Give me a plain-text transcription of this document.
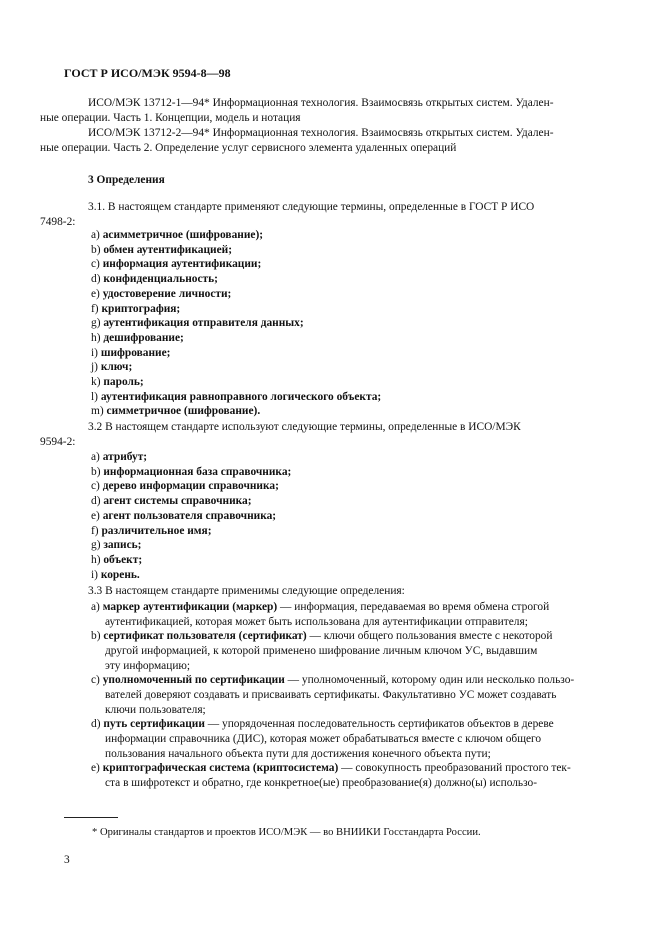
ГОСТ Р ИСО/МЭК 9594-8—98
ИСО/МЭК 13712-1—94* Информационная технология. Взаимосвязь открытых систем. Удален-
ные операции. Часть 1. Концепции, модель и нотация
ИСО/МЭК 13712-2—94* Информационная технология. Взаимосвязь открытых систем. Удален-
ные операции. Часть 2. Определение услуг сервисного элемента удаленных операций
3 Определения
3.1. В настоящем стандарте применяют следующие термины, определенные в ГОСТ Р ИСО
7498-2:
а) асимметричное (шифрование);
b) обмен аутентификацией;
с) информация аутентификации;
d) конфиденциальность;
е) удостоверение личности;
f) криптография;
g) аутентификация отправителя данных;
h) дешифрование;
i) шифрование;
j) ключ;
k) пароль;
l) аутентификация равноправного логического объекта;
m) симметричное (шифрование).
3.2 В настоящем стандарте используют следующие термины, определенные в ИСО/МЭК
9594-2:
а) атрибут;
b) информационная база справочника;
с) дерево информации справочника;
d) агент системы справочника;
е) агент пользователя справочника;
f) различительное имя;
g) запись;
h) объект;
i) корень.
3.3 В настоящем стандарте применимы следующие определения:
а) маркер аутентификации (маркер) — информация, передаваемая во время обмена строгой
аутентификацией, которая может быть использована для аутентификации отправителя;
b) сертификат пользователя (сертификат) — ключи общего пользования вместе с некоторой
другой информацией, к которой применено шифрование личным ключом УС, выдавшим
эту информацию;
с) уполномоченный по сертификации — уполномоченный, которому один или несколько пользо-
вателей доверяют создавать и присваивать сертификаты. Факультативно УС может создавать
ключи пользователя;
d) путь сертификации — упорядоченная последовательность сертификатов объектов в дереве
информации справочника (ДИС), которая может обрабатываться вместе с ключом общего
пользования начального объекта пути для достижения конечного объекта пути;
е) криптографическая система (криптосистема) — совокупность преобразований простого тек-
ста в шифротекст и обратно, где конкретное(ые) преобразование(я) должно(ы) использо-
* Оригиналы стандартов и проектов ИСО/МЭК — во ВНИИКИ Госстандарта России.
3
